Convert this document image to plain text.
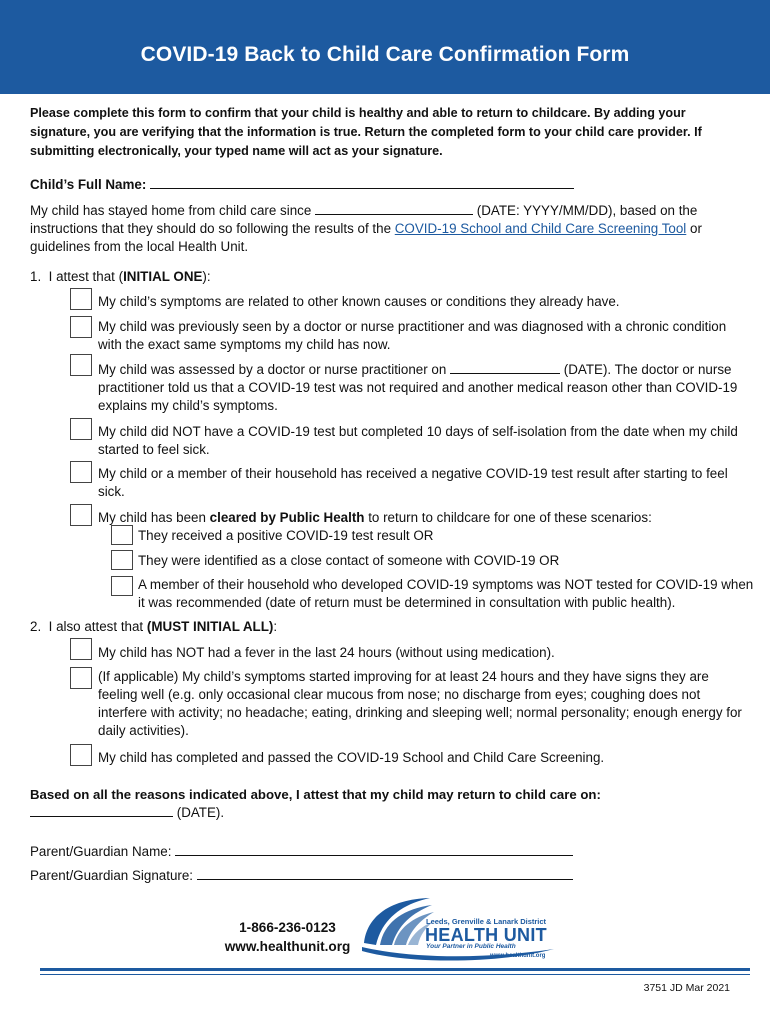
COVID-19 Back to Child Care Confirmation Form
Please complete this form to confirm that your child is healthy and able to return to childcare. By adding your signature, you are verifying that the information is true. Return the completed form to your child care provider. If submitting electronically, your typed name will act as your signature.
Child’s Full Name:
My child has stayed home from child care since	(DATE: YYYY/MM/DD), based on the
instructions that they should do so following the results of the COVID-19 School and Child Care Screening Tool or
guidelines from the local Health Unit.
1. I attest that (INITIAL ONE):
My child’s symptoms are related to other known causes or conditions they already have.
My child was previously seen by a doctor or nurse practitioner and was diagnosed with a chronic condition with the exact same symptoms my child has now.
My child was assessed by a doctor or nurse practitioner on	(DATE). The doctor or nurse practitioner told us that a COVID-19 test was not required and another medical reason other than COVID-19 explains my child’s symptoms.
My child did NOT have a COVID-19 test but completed 10 days of self-isolation from the date when my child started to feel sick.
My child or a member of their household has received a negative COVID-19 test result after starting to feel sick.
My child has been cleared by Public Health to return to childcare for one of these scenarios:
They received a positive COVID-19 test result OR
They were identified as a close contact of someone with COVID-19 OR
A member of their household who developed COVID-19 symptoms was NOT tested for COVID-19 when it was recommended (date of return must be determined in consultation with public health).
2. I also attest that (MUST INITIAL ALL):
My child has NOT had a fever in the last 24 hours (without using medication).
(If applicable) My child’s symptoms started improving for at least 24 hours and they have signs they are feeling well (e.g. only occasional clear mucous from nose; no discharge from eyes; coughing does not interfere with activity; no headache; eating, drinking and sleeping well; normal personality; enough energy for daily activities).
My child has completed and passed the COVID-19 School and Child Care Screening.
Based on all the reasons indicated above, I attest that my child may return to child care on:
(DATE).
Parent/Guardian Name:
Parent/Guardian Signature:
1-866-236-0123
www.healthunit.org
Leeds, Grenville & Lanark District
HEALTH UNIT
Your Partner in Public Health
www.healthunit.org
3751 JD Mar 2021
